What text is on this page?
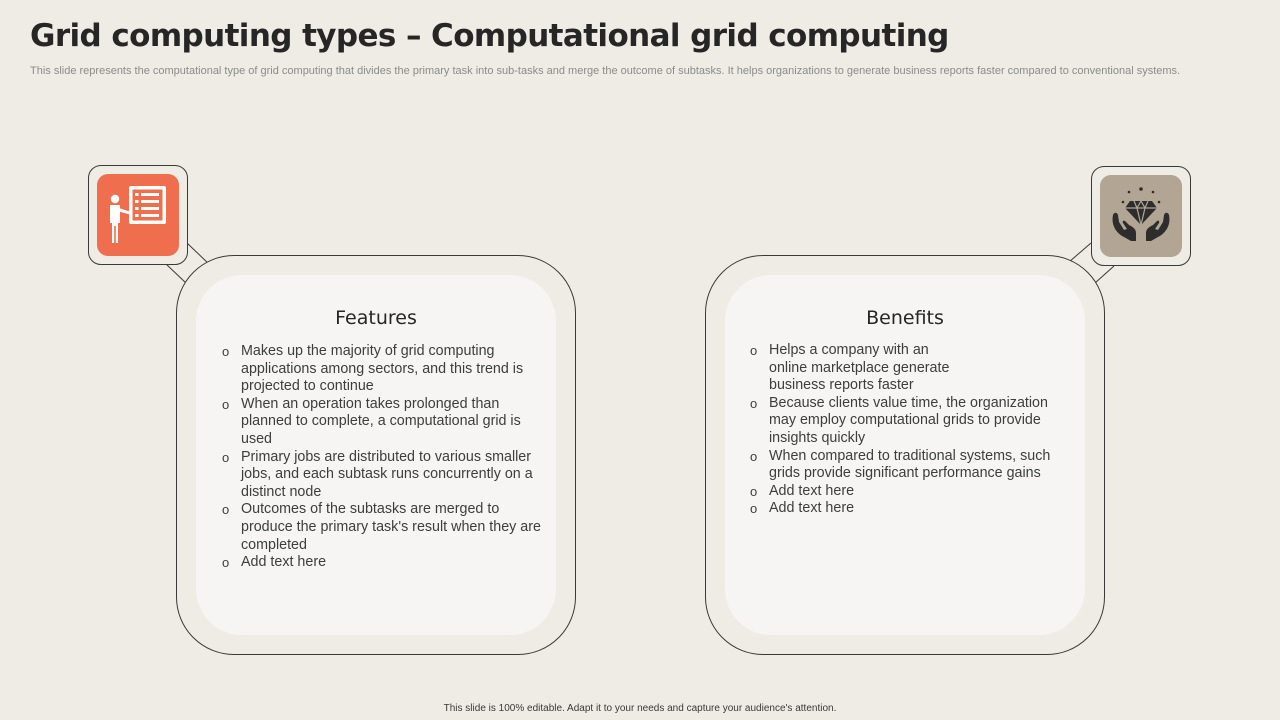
Grid computing types – Computational grid computing

This slide represents the computational type of grid computing that divides the primary task into sub-tasks and merge the outcome of subtasks. It helps organizations to generate business reports faster compared to conventional systems.

Features
o Makes up the majority of grid computing applications among sectors, and this trend is projected to continue
o When an operation takes prolonged than planned to complete, a computational grid is used
o Primary jobs are distributed to various smaller jobs, and each subtask runs concurrently on a distinct node
o Outcomes of the subtasks are merged to produce the primary task's result when they are completed
o Add text here
Benefits
o Helps a company with an online marketplace generate business reports faster
o Because clients value time, the organization may employ computational grids to provide insights quickly
o When compared to traditional systems, such grids provide significant performance gains
o Add text here
o Add text here

This slide is 100% editable. Adapt it to your needs and capture your audience's attention.
